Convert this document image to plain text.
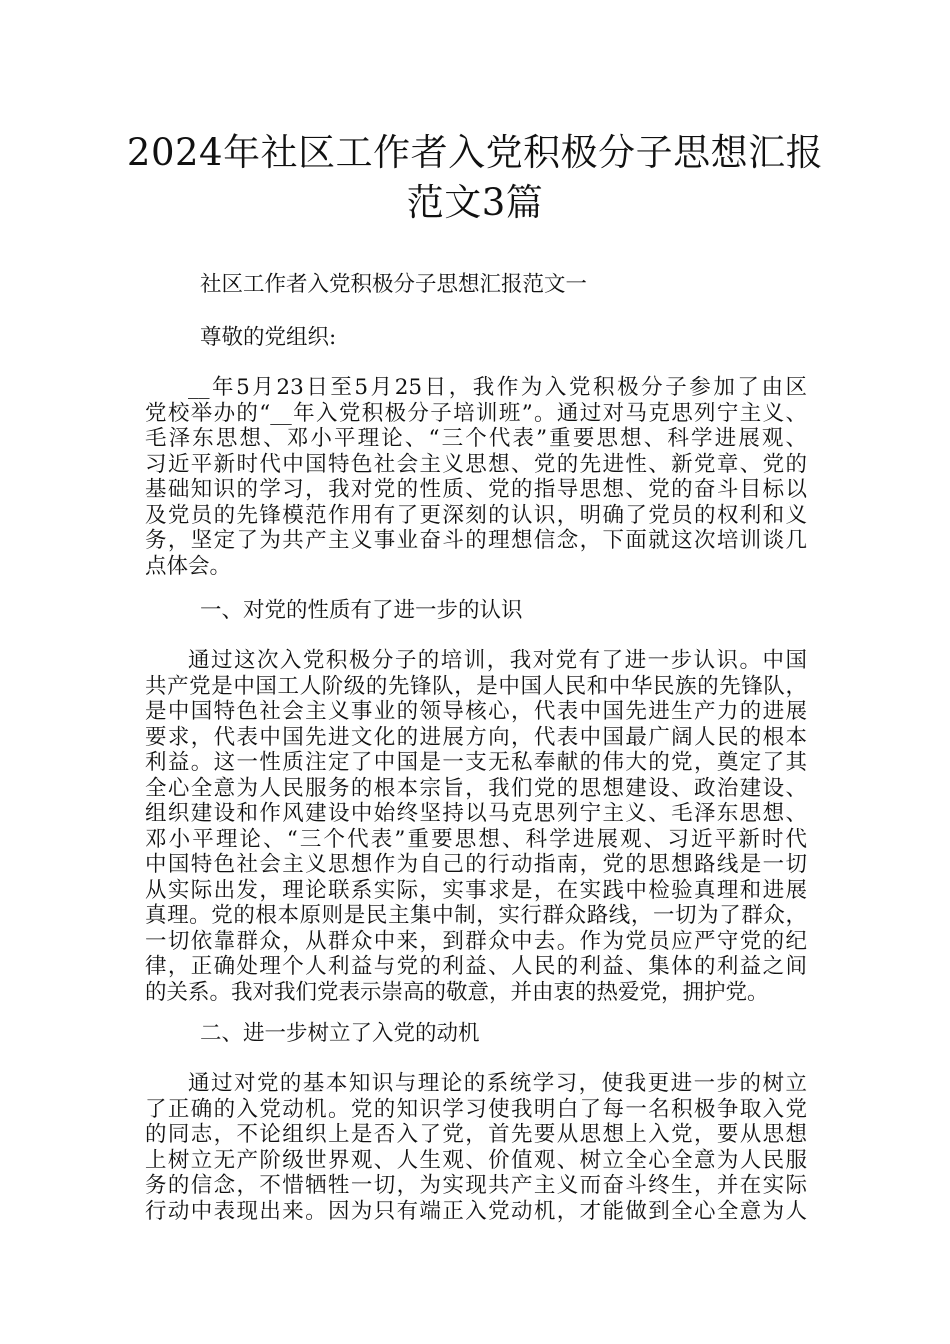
2024年社区工作者入党积极分子思想汇报
范文3篇

社区工作者入党积极分子思想汇报范文一

尊敬的党组织:

__年5月23日至5月25日，我作为入党积极分子参加了由区
党校举办的“__年入党积极分子培训班”。通过对马克思列宁主义、
毛泽东思想、邓小平理论、“三个代表”重要思想、科学进展观、
习近平新时代中国特色社会主义思想、党的先进性、新党章、党的
基础知识的学习，我对党的性质、党的指导思想、党的奋斗目标以
及党员的先锋模范作用有了更深刻的认识，明确了党员的权利和义
务，坚定了为共产主义事业奋斗的理想信念，下面就这次培训谈几
点体会。

一、对党的性质有了进一步的认识

通过这次入党积极分子的培训，我对党有了进一步认识。中国
共产党是中国工人阶级的先锋队，是中国人民和中华民族的先锋队，
是中国特色社会主义事业的领导核心，代表中国先进生产力的进展
要求，代表中国先进文化的进展方向，代表中国最广阔人民的根本
利益。这一性质注定了中国是一支无私奉献的伟大的党，奠定了其
全心全意为人民服务的根本宗旨，我们党的思想建设、政治建设、
组织建设和作风建设中始终坚持以马克思列宁主义、毛泽东思想、
邓小平理论、“三个代表”重要思想、科学进展观、习近平新时代
中国特色社会主义思想作为自己的行动指南，党的思想路线是一切
从实际出发，理论联系实际，实事求是，在实践中检验真理和进展
真理。党的根本原则是民主集中制，实行群众路线，一切为了群众，
一切依靠群众，从群众中来，到群众中去。作为党员应严守党的纪
律，正确处理个人利益与党的利益、人民的利益、集体的利益之间
的关系。我对我们党表示崇高的敬意，并由衷的热爱党，拥护党。

二、进一步树立了入党的动机

通过对党的基本知识与理论的系统学习，使我更进一步的树立
了正确的入党动机。党的知识学习使我明白了每一名积极争取入党
的同志，不论组织上是否入了党，首先要从思想上入党，要从思想
上树立无产阶级世界观、人生观、价值观、树立全心全意为人民服
务的信念，不惜牺牲一切，为实现共产主义而奋斗终生，并在实际
行动中表现出来。因为只有端正入党动机，才能做到全心全意为人
